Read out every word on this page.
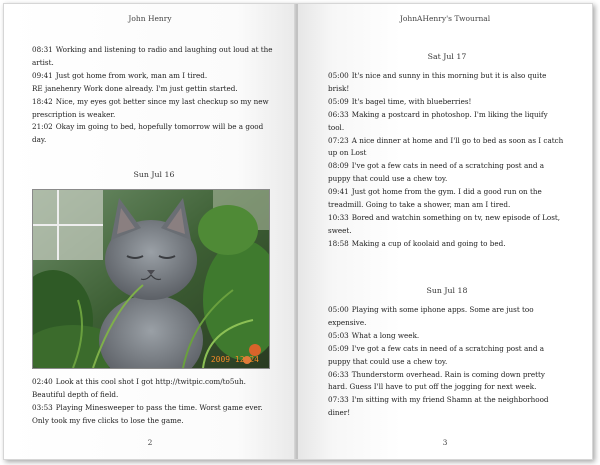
John Henry

08:31 Working and listening to radio and laughing out loud at the artist.

09:41 Just got home from work, man am I tired.

RE janehenry Work done already. I'm just gettin started.

18:42 Nice, my eyes got better since my last checkup so my new prescription is weaker.

21:02 Okay im going to bed, hopefully tomorrow will be a good day.

Sun Jul 16

2009 12 24

02:40 Look at this cool shot I got http://twitpic.com/to5uh. Beautiful depth of field.

03:53 Playing Minesweeper to pass the time. Worst game ever. Only took my five clicks to lose the game.

2
JohnAHenry's Twournal

Sat Jul 17

05:00 It's nice and sunny in this morning but it is also quite brisk!

05:09 It's bagel time, with blueberries!

06:33 Making a postcard in photoshop. I'm liking the liquify tool.

07:23 A nice dinner at home and I'll go to bed as soon as I catch up on Lost

08:09 I've got a few cats in need of a scratching post and a puppy that could use a chew toy.

09:41 Just got home from the gym. I did a good run on the treadmill. Going to take a shower, man am I tired.

10:33 Bored and watchin something on tv, new episode of Lost, sweet.

18:58 Making a cup of koolaid and going to bed.

Sun Jul 18

05:00 Playing with some iphone apps. Some are just too expensive.

05:03 What a long week.

05:09 I've got a few cats in need of a scratching post and a puppy that could use a chew toy.

06:33 Thunderstorm overhead. Rain is coming down pretty hard. Guess I'll have to put off the jogging for next week.

07:33 I'm sitting with my friend Shamn at the neighborhood diner!

3
